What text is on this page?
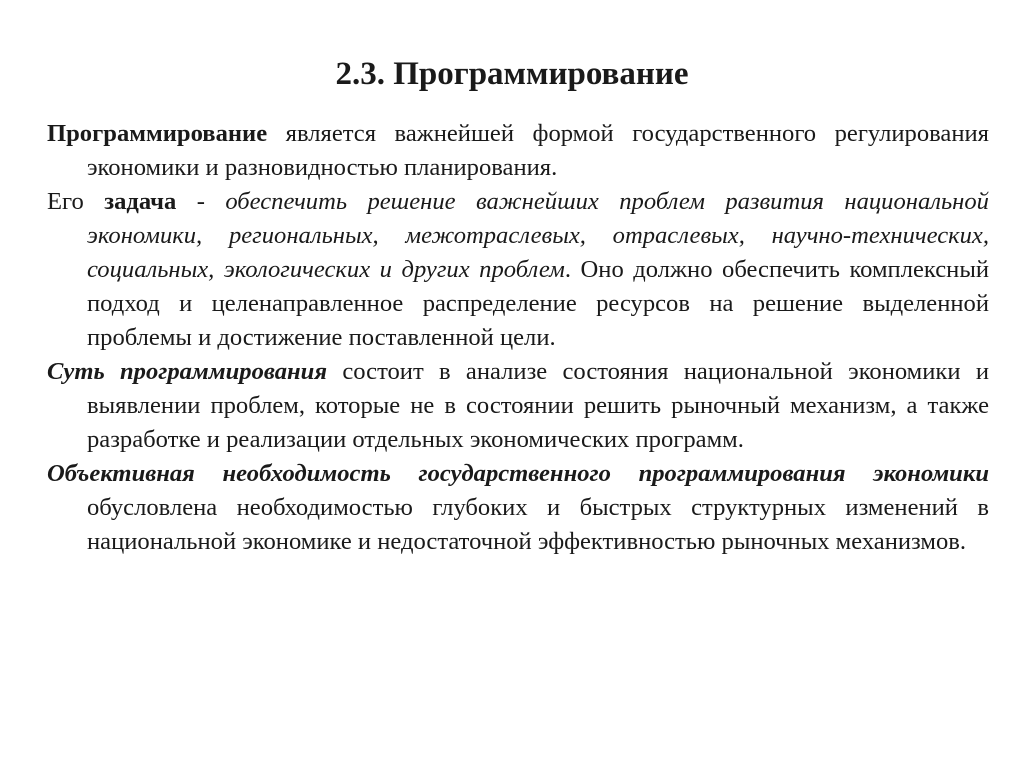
2.3. Программирование

Программирование является важнейшей формой государственного регулирования экономики и разновидностью планирования.

Его задача - обеспечить решение важнейших проблем развития национальной экономики, региональных, межотраслевых, отраслевых, научно-технических, социальных, экологических и других проблем. Оно должно обеспечить комплексный подход и целенаправленное распределение ресурсов на решение выделенной проблемы и достижение поставленной цели.

Суть программирования состоит в анализе состояния национальной экономики и выявлении проблем, которые не в состоянии решить рыночный механизм, а также разработке и реализации отдельных экономических программ.

Объективная необходимость государственного программирования экономики обусловлена необходимостью глубоких и быстрых структурных изменений в национальной экономике и недостаточной эффективностью рыночных механизмов.
